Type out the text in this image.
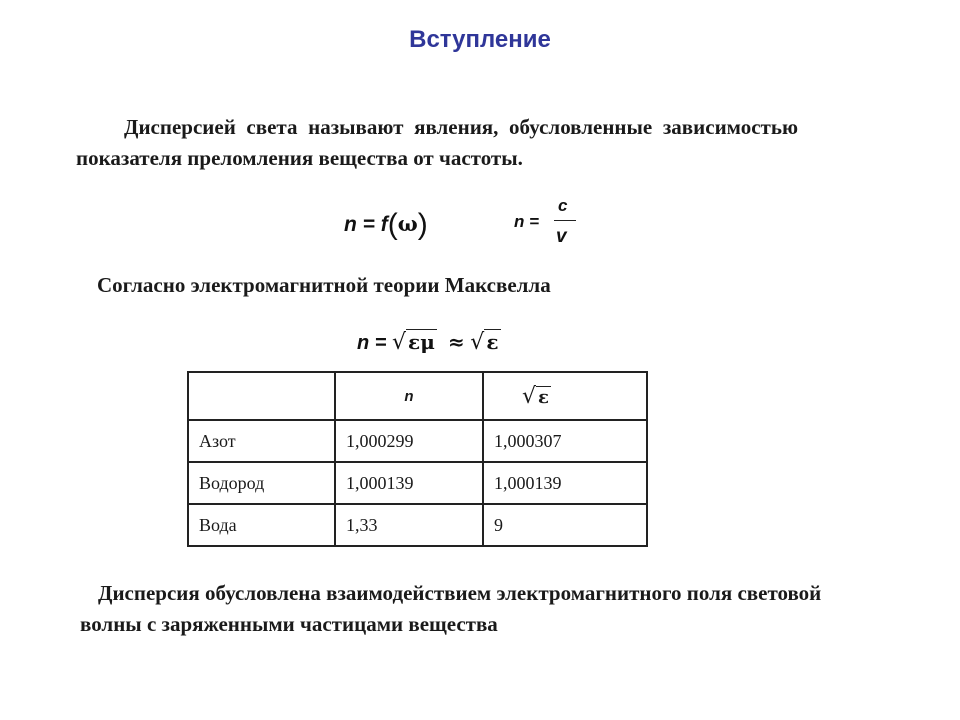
Вступление
Дисперсией света называют явления, обусловленные зависимостью показателя преломления вещества от частоты.
n = f(ω)	n =
c
v
Согласно электромагнитной теории Максвелла
n = √ εμ ≈ √ ε
	n	√ ε
Азот	1,000299	1,000307
Водород	1,000139	1,000139
Вода	1,33	9
Дисперсия обусловлена взаимодействием электромагнитного поля световой волны с заряженными частицами вещества
